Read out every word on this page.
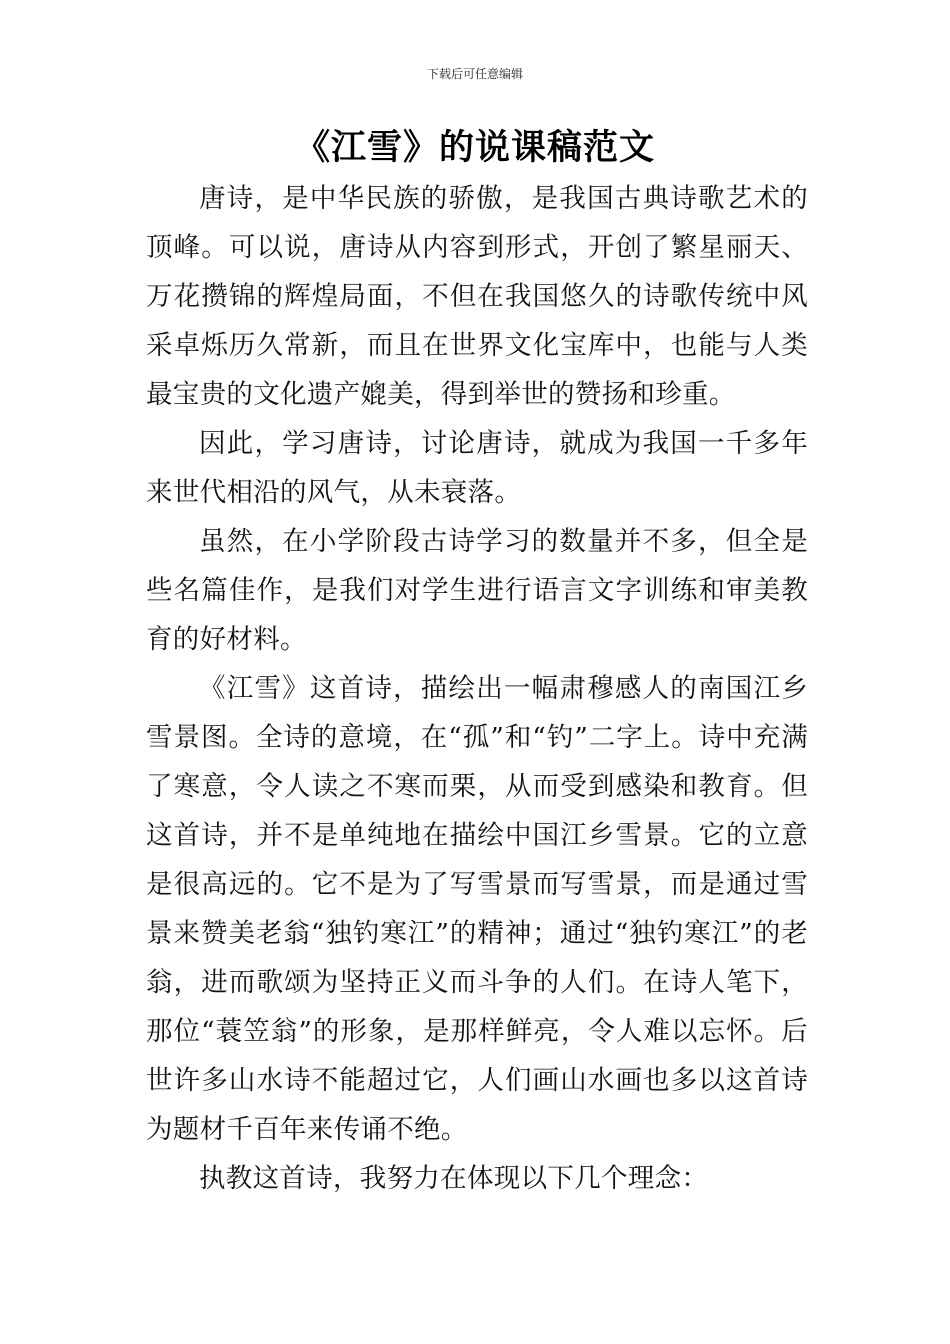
下载后可任意编辑
《江雪》的说课稿范文

唐诗，是中华民族的骄傲，是我国古典诗歌艺术的顶峰。可以说，唐诗从内容到形式，开创了繁星丽天、万花攒锦的辉煌局面，不但在我国悠久的诗歌传统中风采卓烁历久常新，而且在世界文化宝库中，也能与人类最宝贵的文化遗产媲美，得到举世的赞扬和珍重。

因此，学习唐诗，讨论唐诗，就成为我国一千多年来世代相沿的风气，从未衰落。

虽然，在小学阶段古诗学习的数量并不多，但全是些名篇佳作，是我们对学生进行语言文字训练和审美教育的好材料。

《江雪》这首诗，描绘出一幅肃穆感人的南国江乡雪景图。全诗的意境，在“孤”和“钓”二字上。诗中充满了寒意，令人读之不寒而栗，从而受到感染和教育。但这首诗，并不是单纯地在描绘中国江乡雪景。它的立意是很高远的。它不是为了写雪景而写雪景，而是通过雪景来赞美老翁“独钓寒江”的精神；通过“独钓寒江”的老翁，进而歌颂为坚持正义而斗争的人们。在诗人笔下，那位“蓑笠翁”的形象，是那样鲜亮，令人难以忘怀。后世许多山水诗不能超过它，人们画山水画也多以这首诗为题材千百年来传诵不绝。

执教这首诗，我努力在体现以下几个理念：
